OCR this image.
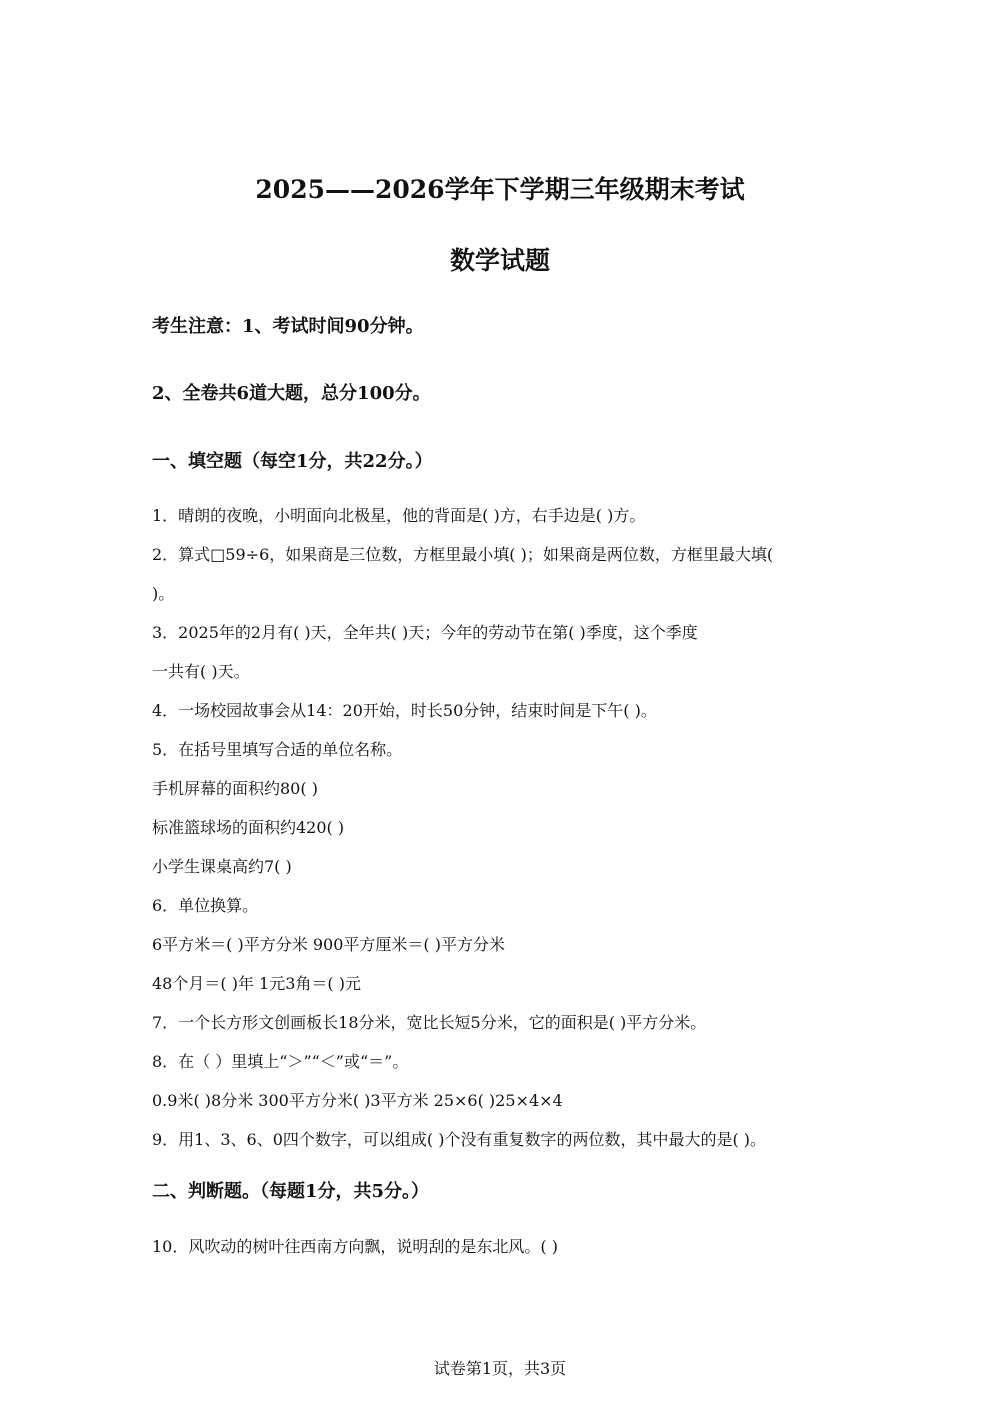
2025——2026学年下学期三年级期末考试
数学试题
考生注意：1、考试时间90分钟。
2、全卷共6道大题，总分100分。
一、填空题（每空1分，共22分。）
1．晴朗的夜晚，小明面向北极星，他的背面是( )方，右手边是( )方。
2．算式□59÷6，如果商是三位数，方框里最小填( )；如果商是两位数，方框里最大填(
)。
3．2025年的2月有( )天，全年共( )天；今年的劳动节在第( )季度，这个季度
一共有( )天。
4．一场校园故事会从14：20开始，时长50分钟，结束时间是下午( )。
5．在括号里填写合适的单位名称。
手机屏幕的面积约80( )
标准篮球场的面积约420( )
小学生课桌高约7( )
6．单位换算。
6平方米＝( )平方分米 900平方厘米＝( )平方分米
48个月＝( )年 1元3角＝( )元
7．一个长方形文创画板长18分米，宽比长短5分米，它的面积是( )平方分米。
8．在（ ）里填上“＞”“＜”或“＝”。
0.9米( )8分米 300平方分米( )3平方米 25×6( )25×4×4
9．用1、3、6、0四个数字，可以组成( )个没有重复数字的两位数，其中最大的是( )。
二、判断题。（每题1分，共5分。）
10．风吹动的树叶往西南方向飘，说明刮的是东北风。( )
试卷第1页，共3页
